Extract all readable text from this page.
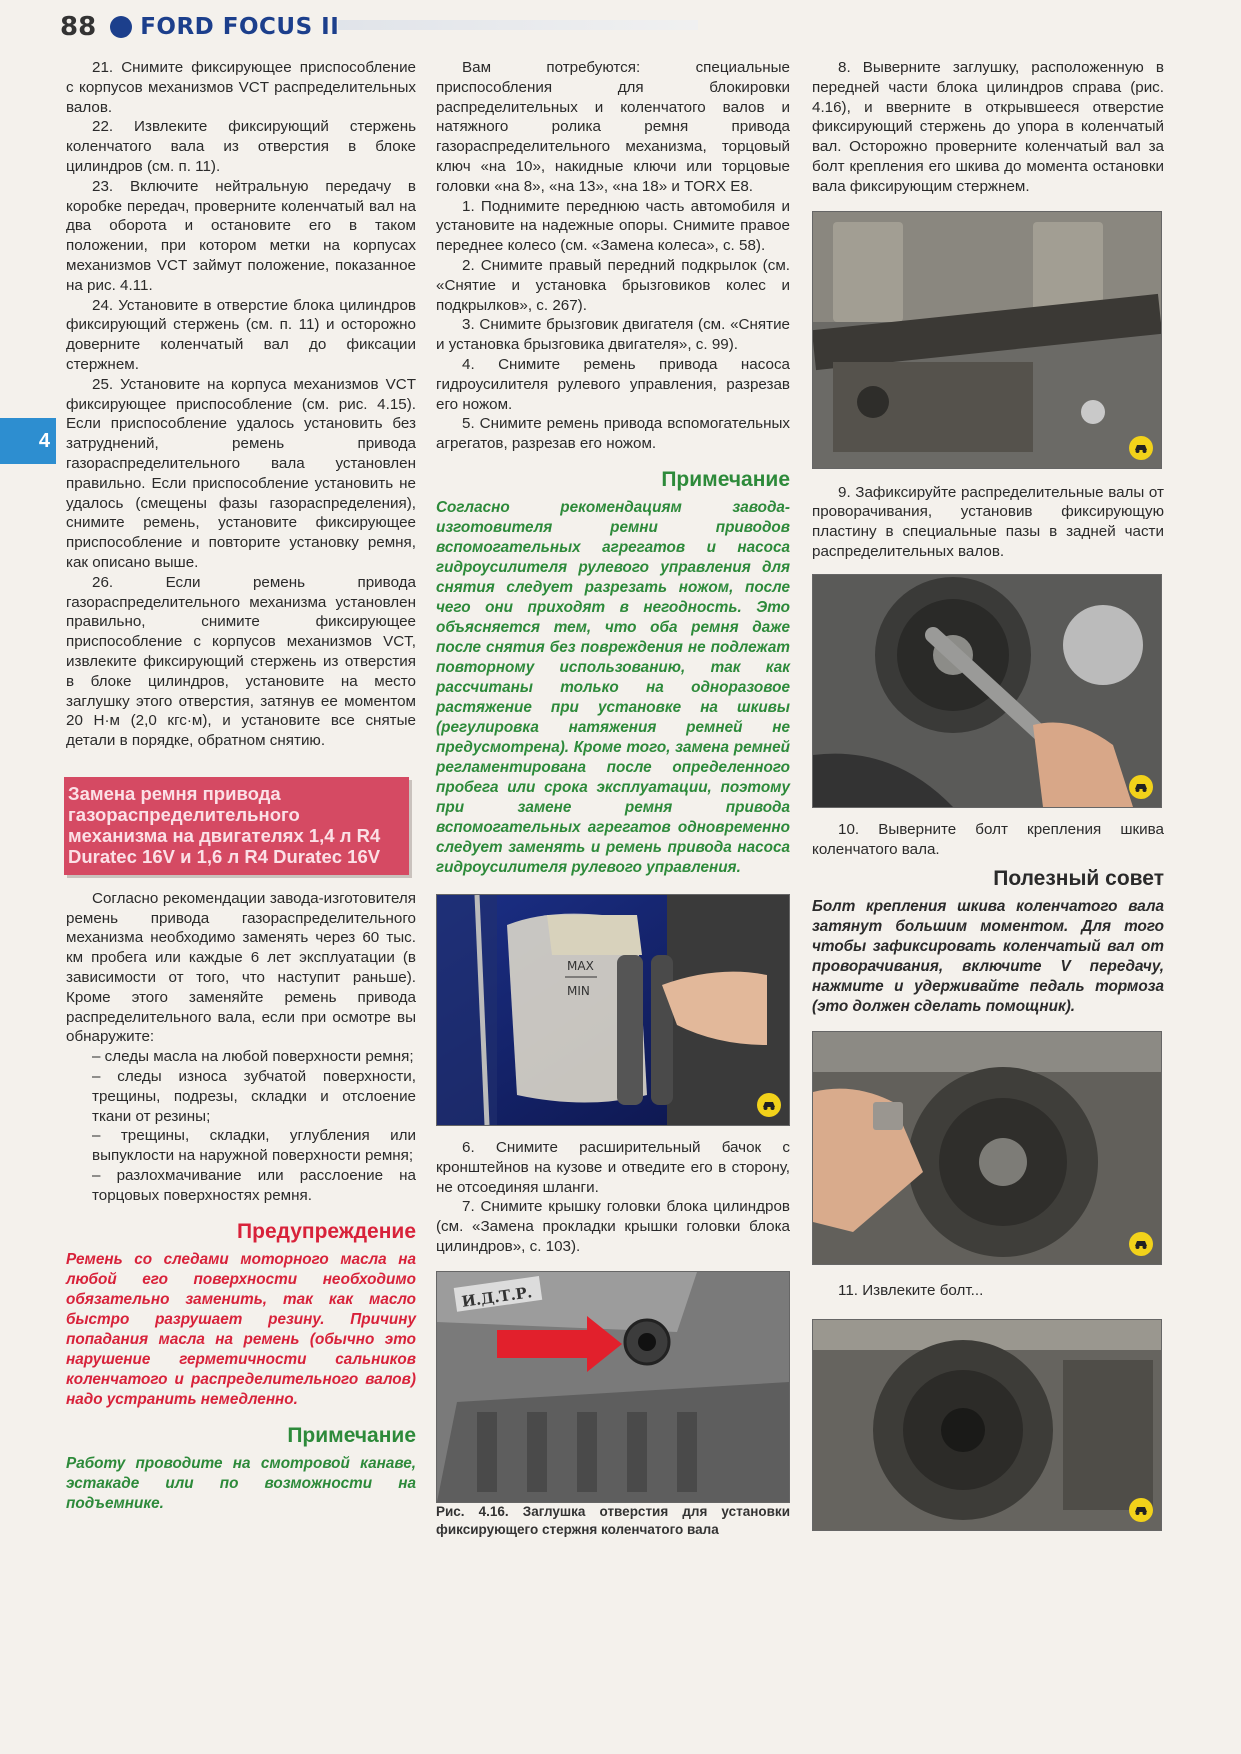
88 FORD FOCUS II
4

21. Снимите фиксирующее приспособление с корпусов механизмов VCT распределительных валов.

22. Извлеките фиксирующий стержень коленчатого вала из отверстия в блоке цилиндров (см. п. 11).

23. Включите нейтральную передачу в коробке передач, проверните коленчатый вал на два оборота и остановите его в таком положении, при котором метки на корпусах механизмов VCT займут положение, показанное на рис. 4.11.

24. Установите в отверстие блока цилиндров фиксирующий стержень (см. п. 11) и осторожно доверните коленчатый вал до фиксации стержнем.

25. Установите на корпуса механизмов VCT фиксирующее приспособление (см. рис. 4.15). Если приспособление удалось установить без затруднений, ремень привода газораспределительного вала установлен правильно. Если приспособление установить не удалось (смещены фазы газораспределения), снимите ремень, установите фиксирующее приспособление и повторите установку ремня, как описано выше.

26. Если ремень привода газораспределительного механизма установлен правильно, снимите фиксирующее приспособление с корпусов механизмов VCT, извлеките фиксирующий стержень из отверстия в блоке цилиндров, установите на место заглушку этого отверстия, затянув ее моментом 20 Н·м (2,0 кгс·м), и установите все снятые детали в порядке, обратном снятию.

Замена ремня привода газораспределительного механизма на двигателях 1,4 л R4 Duratec 16V и 1,6 л R4 Duratec 16V

Согласно рекомендации завода-изготовителя ремень привода газораспределительного механизма необходимо заменять через 60 тыс. км пробега или каждые 6 лет эксплуатации (в зависимости от того, что наступит раньше). Кроме этого заменяйте ремень привода распределительного вала, если при осмотре вы обнаружите:

– следы масла на любой поверхности ремня;

– следы износа зубчатой поверхности, трещины, подрезы, складки и отслоение ткани от резины;

– трещины, складки, углубления или выпуклости на наружной поверхности ремня;

– разлохмачивание или расслоение на торцовых поверхностях ремня.

Предупреждение

Ремень со следами моторного масла на любой его поверхности необходимо обязательно заменить, так как масло быстро разрушает резину. Причину попадания масла на ремень (обычно это нарушение герметичности сальников коленчатого и распределительного валов) надо устранить немедленно.

Примечание

Работу проводите на смотровой канаве, эстакаде или по возможности на подъемнике.

Вам потребуются: специальные приспособления для блокировки распределительных и коленчатого валов и натяжного ролика ремня привода газораспределительного механизма, торцовый ключ «на 10», накидные ключи или торцовые головки «на 8», «на 13», «на 18» и TORX E8.

1. Поднимите переднюю часть автомобиля и установите на надежные опоры. Снимите правое переднее колесо (см. «Замена колеса», с. 58).

2. Снимите правый передний подкрылок (см. «Снятие и установка брызговиков колес и подкрылков», с. 267).

3. Снимите брызговик двигателя (см. «Снятие и установка брызговика двигателя», с. 99).

4. Снимите ремень привода насоса гидроусилителя рулевого управления, разрезав его ножом.

5. Снимите ремень привода вспомогательных агрегатов, разрезав его ножом.

Примечание

Согласно рекомендациям завода-изготовителя ремни приводов вспомогательных агрегатов и насоса гидроусилителя рулевого управления для снятия следует разрезать ножом, после чего они приходят в негодность. Это объясняется тем, что оба ремня даже после снятия без повреждения не подлежат повторному использованию, так как рассчитаны только на одноразовое растяжение при установке на шкивы (регулировка натяжения ремней не предусмотрена). Кроме того, замена ремней регламентирована после определенного пробега или срока эксплуатации, поэтому при замене ремня привода вспомогательных агрегатов одновременно следует заменять и ремень привода насоса гидроусилителя рулевого управления.

MAX
MIN

6. Снимите расширительный бачок с кронштейнов на кузове и отведите его в сторону, не отсоединяя шланги.

7. Снимите крышку головки блока цилиндров (см. «Замена прокладки крышки головки блока цилиндров», с. 103).

И.Д.Т.Р.

Рис. 4.16. Заглушка отверстия для установки фиксирующего стержня коленчатого вала

8. Выверните заглушку, расположенную в передней части блока цилиндров справа (рис. 4.16), и вверните в открывшееся отверстие фиксирующий стержень до упора в коленчатый вал. Осторожно проверните коленчатый вал за болт крепления его шкива до момента остановки вала фиксирующим стержнем.

9. Зафиксируйте распределительные валы от проворачивания, установив фиксирующую пластину в специальные пазы в задней части распределительных валов.

10. Выверните болт крепления шкива коленчатого вала.

Полезный совет

Болт крепления шкива коленчатого вала затянут большим моментом. Для того чтобы зафиксировать коленчатый вал от проворачивания, включите V передачу, нажмите и удерживайте педаль тормоза (это должен сделать помощник).

11. Извлеките болт...
